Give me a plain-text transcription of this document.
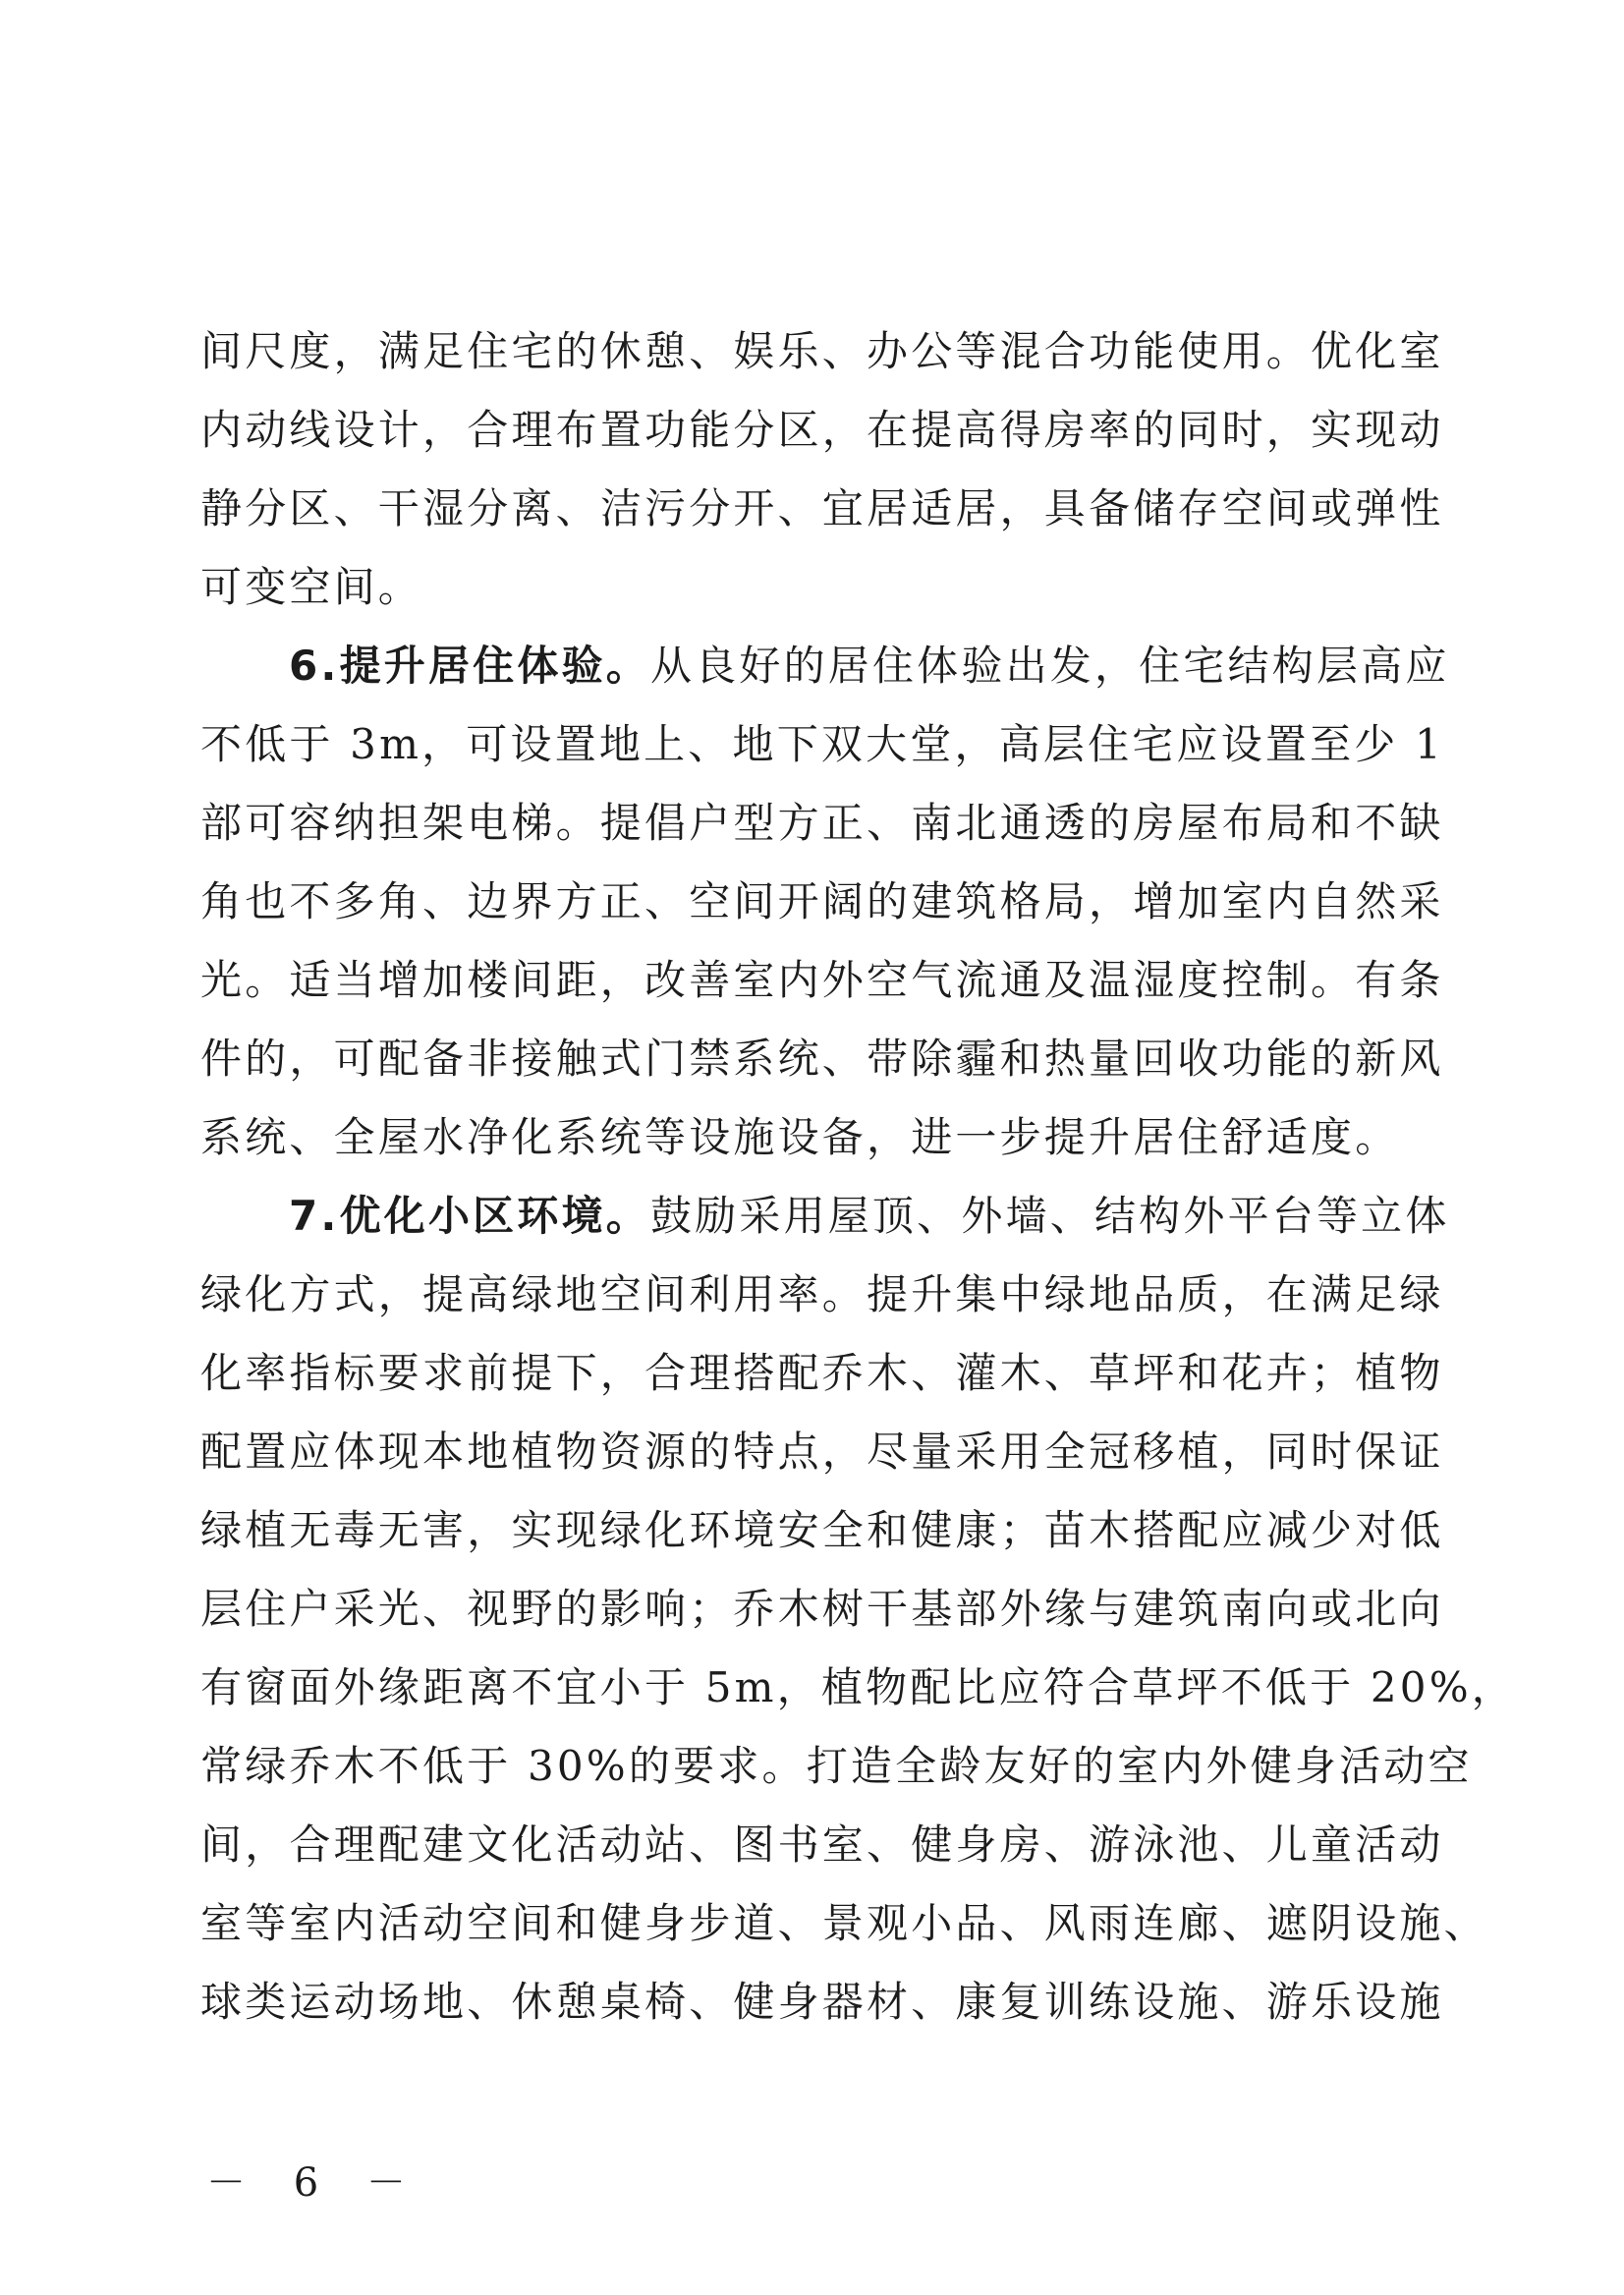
间尺度，满足住宅的休憩、娱乐、办公等混合功能使用。优化室
内动线设计，合理布置功能分区，在提高得房率的同时，实现动
静分区、干湿分离、洁污分开、宜居适居，具备储存空间或弹性
可变空间。
6.提升居住体验。从良好的居住体验出发，住宅结构层高应
不低于 3m，可设置地上、地下双大堂，高层住宅应设置至少 1
部可容纳担架电梯。提倡户型方正、南北通透的房屋布局和不缺
角也不多角、边界方正、空间开阔的建筑格局，增加室内自然采
光。适当增加楼间距，改善室内外空气流通及温湿度控制。有条
件的，可配备非接触式门禁系统、带除霾和热量回收功能的新风
系统、全屋水净化系统等设施设备，进一步提升居住舒适度。
7.优化小区环境。鼓励采用屋顶、外墙、结构外平台等立体
绿化方式，提高绿地空间利用率。提升集中绿地品质，在满足绿
化率指标要求前提下，合理搭配乔木、灌木、草坪和花卉；植物
配置应体现本地植物资源的特点，尽量采用全冠移植，同时保证
绿植无毒无害，实现绿化环境安全和健康；苗木搭配应减少对低
层住户采光、视野的影响；乔木树干基部外缘与建筑南向或北向
有窗面外缘距离不宜小于 5m，植物配比应符合草坪不低于 20%，
常绿乔木不低于 30%的要求。打造全龄友好的室内外健身活动空
间，合理配建文化活动站、图书室、健身房、游泳池、儿童活动
室等室内活动空间和健身步道、景观小品、风雨连廊、遮阴设施、
球类运动场地、休憩桌椅、健身器材、康复训练设施、游乐设施
－ 6 －
